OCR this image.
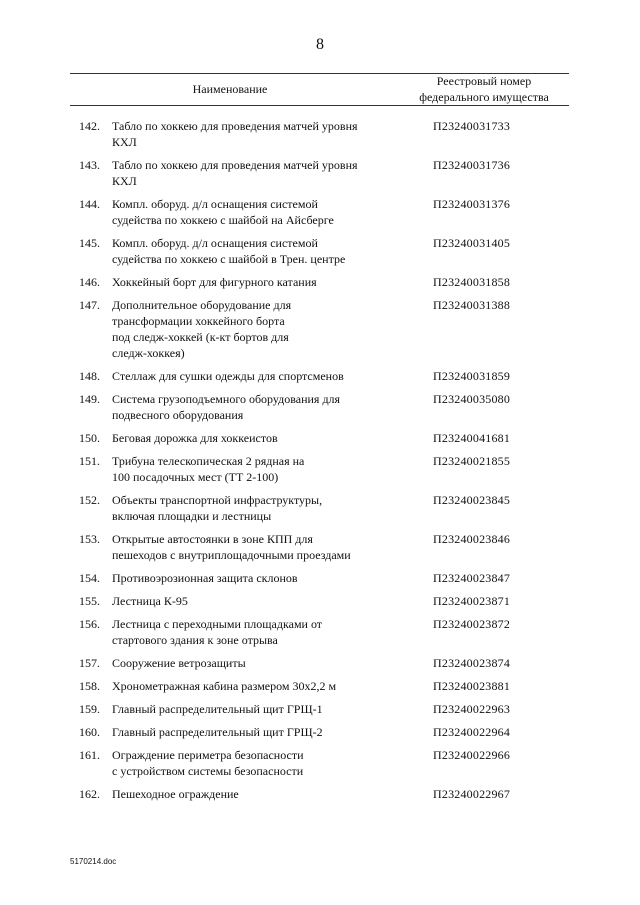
8
Наименование
Реестровый номер
федерального имущества
142. Табло по хоккею для проведения матчей уровня
КХЛ
П23240031733
143. Табло по хоккею для проведения матчей уровня
КХЛ
П23240031736
144. Компл. оборуд. д/л оснащения системой
судейства по хоккею с шайбой на Айсберге
П23240031376
145. Компл. оборуд. д/л оснащения системой
судейства по хоккею с шайбой в Трен. центре
П23240031405
146. Хоккейный борт для фигурного катания	П23240031858
147. Дополнительное оборудование для
трансформации хоккейного борта
под следж-хоккей (к-кт бортов для
следж-хоккея)
П23240031388
148. Стеллаж для сушки одежды для спортсменов	П23240031859
149. Система грузоподъемного оборудования для
подвесного оборудования
П23240035080
150. Беговая дорожка для хоккеистов	П23240041681
151. Трибуна телескопическая 2 рядная на
100 посадочных мест (ТТ 2-100)
П23240021855
152. Объекты транспортной инфраструктуры,
включая площадки и лестницы
П23240023845
153. Открытые автостоянки в зоне КПП для
пешеходов с внутриплощадочными проездами
П23240023846
154. Противоэрозионная защита склонов	П23240023847
155. Лестница К-95	П23240023871
156. Лестница с переходными площадками от
стартового здания к зоне отрыва
П23240023872
157. Сооружение ветрозащиты	П23240023874
158. Хронометражная кабина размером 30х2,2 м	П23240023881
159. Главный распределительный щит ГРЩ-1	П23240022963
160. Главный распределительный щит ГРЩ-2	П23240022964
161. Ограждение периметра безопасности
с устройством системы безопасности
П23240022966
162. Пешеходное ограждение	П23240022967
5170214.doc
